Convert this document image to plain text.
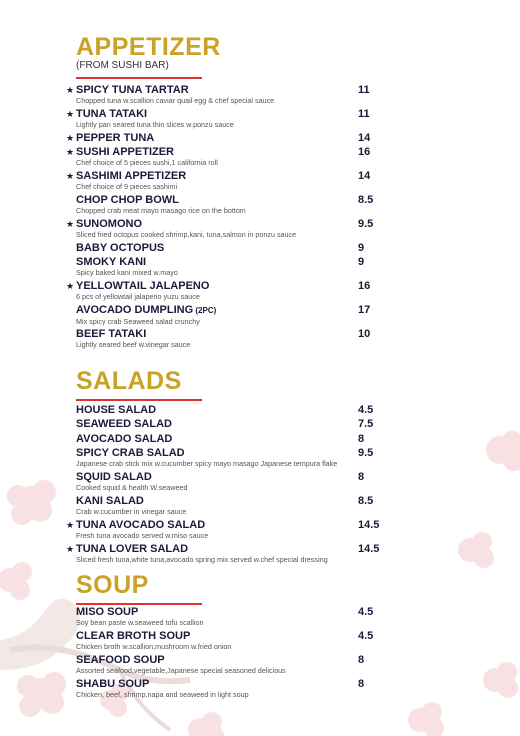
APPETIZER
(FROM SUSHI BAR)
★ SPICY TUNA TARTAR
Chopped tuna w.scallion caviar quail egg & chef special sauce
11
★ TUNA TATAKI
Lightly pan seared tuna thin slices w.ponzu sauce
11
★ PEPPER TUNA	14
★ SUSHI APPETIZER
Chef choice of 5 pieces sushi,1 california roll
16
★ SASHIMI APPETIZER
Chef choice of 9 pieces sashimi
14
CHOP CHOP BOWL
Chopped crab meat mayo masago rice on the bottom
8.5
★ SUNOMONO
Sliced fried octopus cooked shrimp,kani, tuna,salmon in ponzu sauce
9.5
BABY OCTOPUS	9
SMOKY KANI
Spicy baked kani mixed w.mayo
9
★ YELLOWTAIL JALAPENO
6 pcs of yellowtail jalapeno yuzu sauce
16
AVOCADO DUMPLING (2PC)
Mix spicy crab Seaweed salad crunchy
17
BEEF TATAKI
Lightly seared beef w.vinegar sauce
10
SALADS
HOUSE SALAD	4.5
SEAWEED SALAD	7.5
AVOCADO SALAD	8
SPICY CRAB SALAD
Japanese crab stick mix w.cucumber spicy mayo masago Japanese tempura flake
9.5
SQUID SALAD
Cooked squid & health W.seaweed
8
KANI SALAD
Crab w.cucumber in vinegar sauce
8.5
★ TUNA AVOCADO SALAD
Fresh tuna avocado served w.miso sauce
14.5
★ TUNA LOVER SALAD
Sliced fresh tuna,white tuna,avocado spring mix served w.chef special dressing
14.5
SOUP
MISO SOUP
Soy bean paste w.seaweed tofu scallion
4.5
CLEAR BROTH SOUP
Chicken broth w.scallion,mushroom w.fried onion
4.5
SEAFOOD SOUP
Assorted seafood,vegetable,Japanese special seasoned delicious
8
SHABU SOUP
Chicken, beef, shrimp,napa and seaweed in light soup
8
